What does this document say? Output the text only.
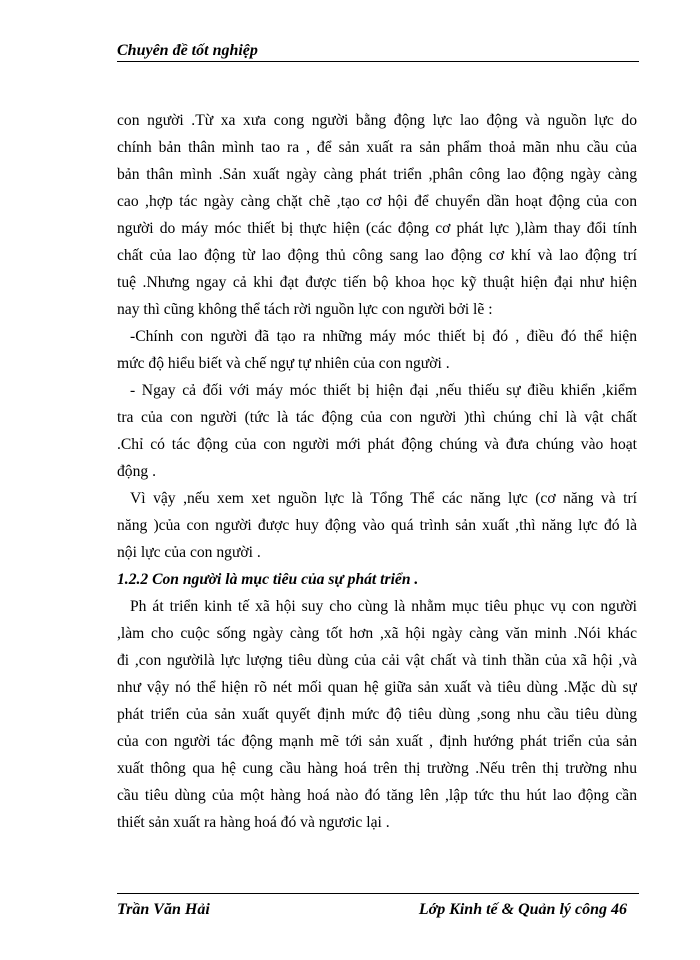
Chuyên đề tốt nghiệp
con người .Từ xa xưa cong người bằng động lực lao động và nguồn lực do
chính bản thân mình tao ra , để sản xuất ra sản phẩm thoả mãn nhu cầu của
bản thân mình .Sản xuất ngày càng phát triển ,phân công lao động ngày càng
cao ,hợp tác ngày càng chặt chẽ ,tạo cơ hội để chuyển dần hoạt động của con
người do máy móc thiết bị thực hiện (các động cơ phát lực ),làm thay đổi tính
chất của lao động từ lao động thủ công sang lao động cơ khí và lao động trí
tuệ .Nhưng ngay cả khi đạt được tiến bộ khoa học kỹ thuật hiện đại như hiện
nay thì cũng không thể tách rời nguồn lực con người bởi lẽ :
-Chính con người đã tạo ra những máy móc thiết bị đó , điều đó thể hiện
mức độ hiểu biết và chế ngự tự nhiên của con người .
- Ngay cả đối với máy móc thiết bị hiện đại ,nếu thiếu sự điều khiển ,kiểm
tra của con người (tức là tác động của con người )thì chúng chỉ là vật chất
.Chỉ có tác động của con người mới phát động chúng và đưa chúng vào hoạt
động .
Vì vậy ,nếu xem xet nguồn lực là Tổng Thể các năng lực (cơ năng và trí
năng )của con người được huy động vào quá trình sản xuất ,thì năng lực đó là
nội lực của con người .
1.2.2 Con người là mục tiêu của sự phát triển .
Ph át triển kinh tế xã hội suy cho cùng là nhằm mục tiêu phục vụ con người
,làm cho cuộc sống ngày càng tốt hơn ,xã hội ngày càng văn minh .Nói khác
đi ,con ngườilà lực lượng tiêu dùng của cải vật chất và tinh thần của xã hội ,và
như vậy nó thể hiện rõ nét mối quan hệ giữa sản xuất và tiêu dùng .Mặc dù sự
phát triển của sản xuất quyết định mức độ tiêu dùng ,song nhu cầu tiêu dùng
của con người tác động mạnh mẽ tới sản xuất , định hướng phát triển của sản
xuất thông qua hệ cung cầu hàng hoá trên thị trường .Nếu trên thị trường nhu
cầu tiêu dùng của một hàng hoá nào đó tăng lên ,lập tức thu hút lao động cần
thiết sản xuất ra hàng hoá đó và ngươic lại .
Trần Văn Hải	Lớp Kinh tế & Quản lý công 46
